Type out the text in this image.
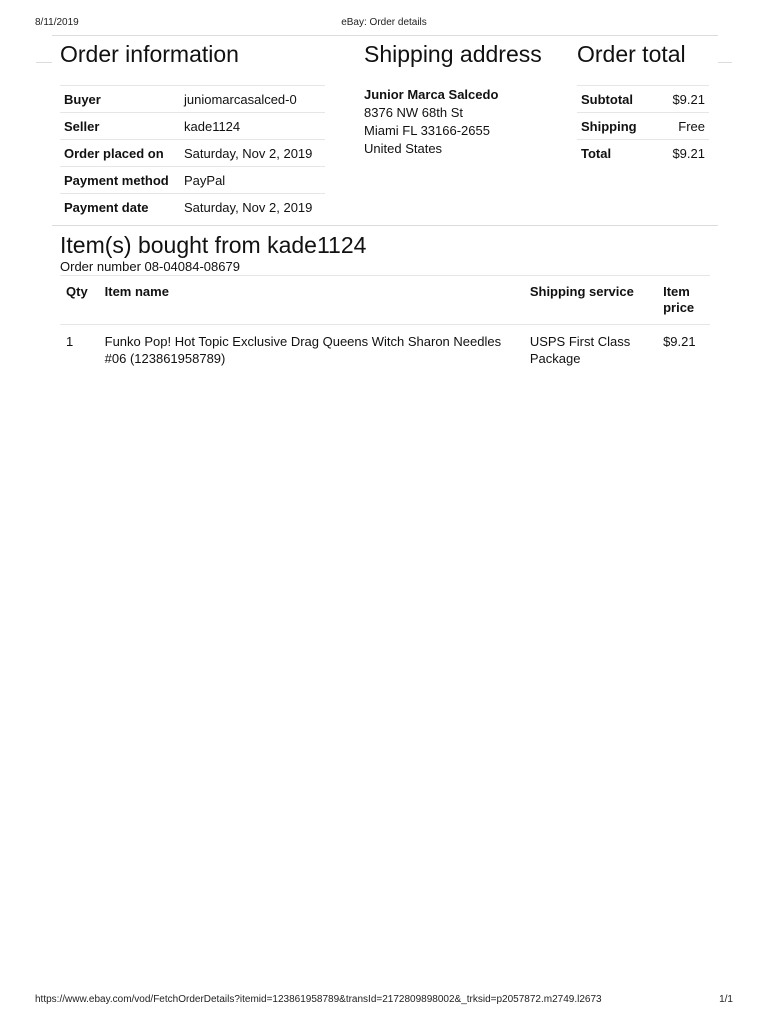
8/11/2019	eBay: Order details
Order information
Buyer	juniomarcasalced-0
Seller	kade1124
Order placed on	Saturday, Nov 2, 2019
Payment method	PayPal
Payment date	Saturday, Nov 2, 2019
Shipping address
Junior Marca Salcedo
8376 NW 68th St
Miami FL 33166-2655
United States
Order total
Subtotal	$9.21
Shipping	Free
Total	$9.21
Item(s) bought from kade1124
Order number 08-04084-08679
Qty	Item name	Shipping service	Item price
1	Funko Pop! Hot Topic Exclusive Drag Queens Witch Sharon Needles #06 (123861958789)	USPS First Class Package	$9.21
https://www.ebay.com/vod/FetchOrderDetails?itemid=123861958789&transId=2172809898002&_trksid=p2057872.m2749.l2673	1/1
